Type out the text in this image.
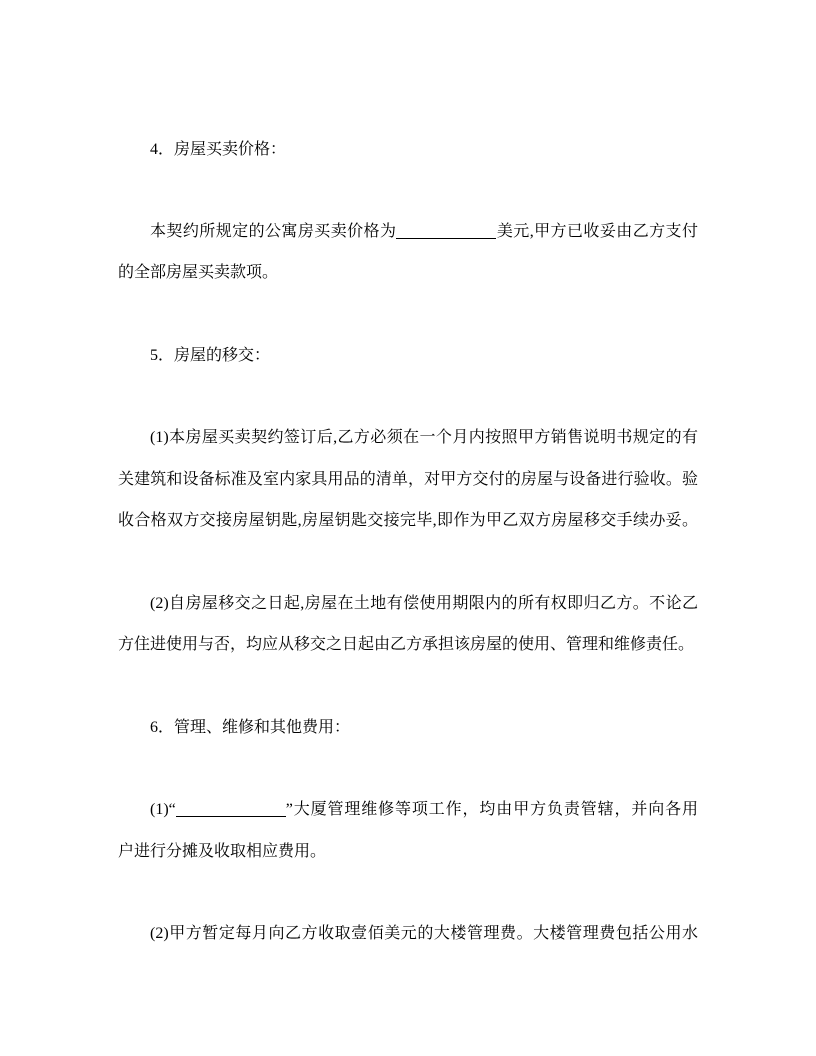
4．房屋买卖价格：
本契约所规定的公寓房买卖价格为	美元,甲方已收妥由乙方支付
的全部房屋买卖款项。
5．房屋的移交：
(1)本房屋买卖契约签订后,乙方必须在一个月内按照甲方销售说明书规定的有
关建筑和设备标准及室内家具用品的清单，对甲方交付的房屋与设备进行验收。验
收合格双方交接房屋钥匙,房屋钥匙交接完毕,即作为甲乙双方房屋移交手续办妥。
(2)自房屋移交之日起,房屋在土地有偿使用期限内的所有权即归乙方。不论乙
方住进使用与否，均应从移交之日起由乙方承担该房屋的使用、管理和维修责任。
6．管理、维修和其他费用：
(1)“	”大厦管理维修等项工作，均由甲方负责管辖，并向各用
户进行分摊及收取相应费用。
(2)甲方暂定每月向乙方收取壹佰美元的大楼管理费。大楼管理费包括公用水
